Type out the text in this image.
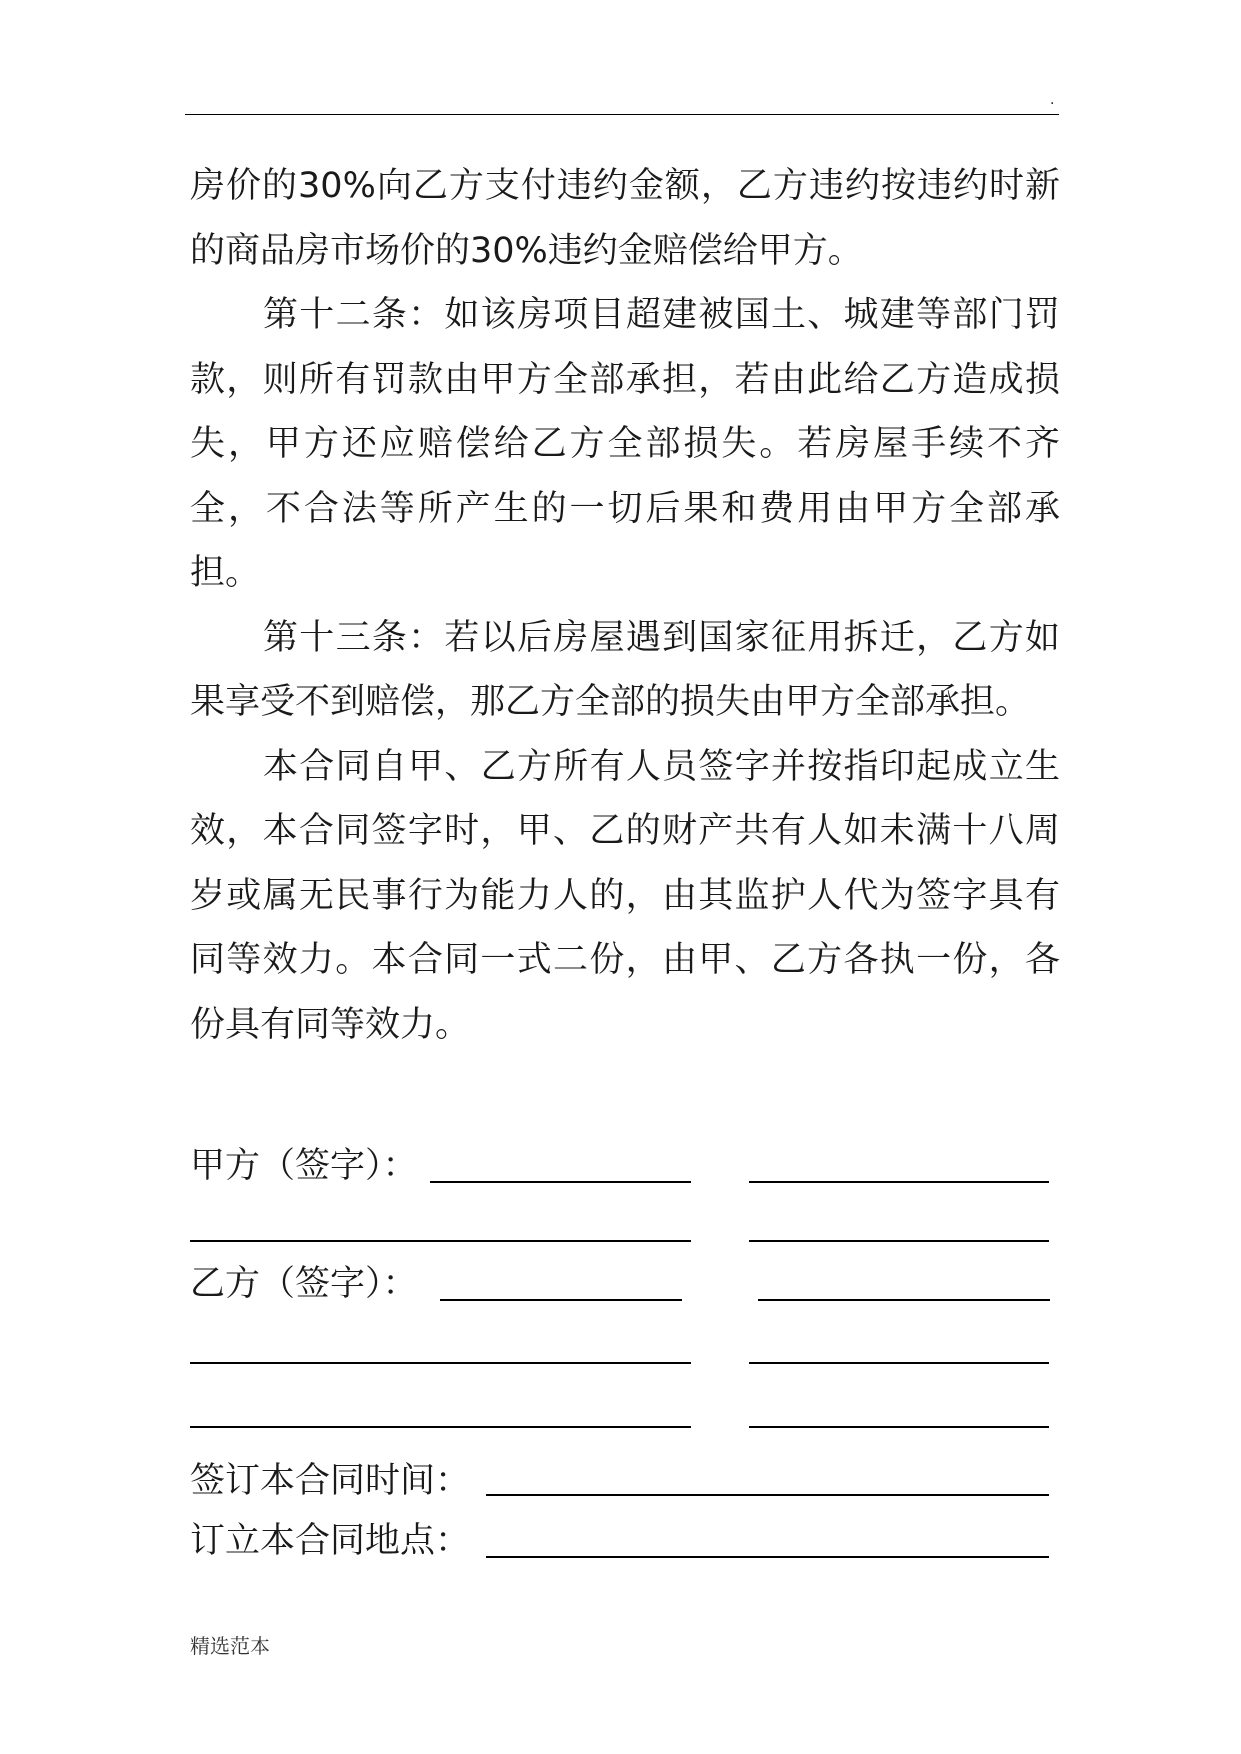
.

房价的30%向乙方支付违约金额，乙方违约按违约时新的商品房市场价的30%违约金赔偿给甲方。

第十二条：如该房项目超建被国土、城建等部门罚款，则所有罚款由甲方全部承担，若由此给乙方造成损失，甲方还应赔偿给乙方全部损失。若房屋手续不齐全，不合法等所产生的一切后果和费用由甲方全部承担。

第十三条：若以后房屋遇到国家征用拆迁，乙方如果享受不到赔偿，那乙方全部的损失由甲方全部承担。

本合同自甲、乙方所有人员签字并按指印起成立生效，本合同签字时，甲、乙的财产共有人如未满十八周岁或属无民事行为能力人的，由其监护人代为签字具有同等效力。本合同一式二份，由甲、乙方各执一份，各份具有同等效力。

甲方（签字）：
乙方（签字）：
签订本合同时间：
订立本合同地点：
精选范本
